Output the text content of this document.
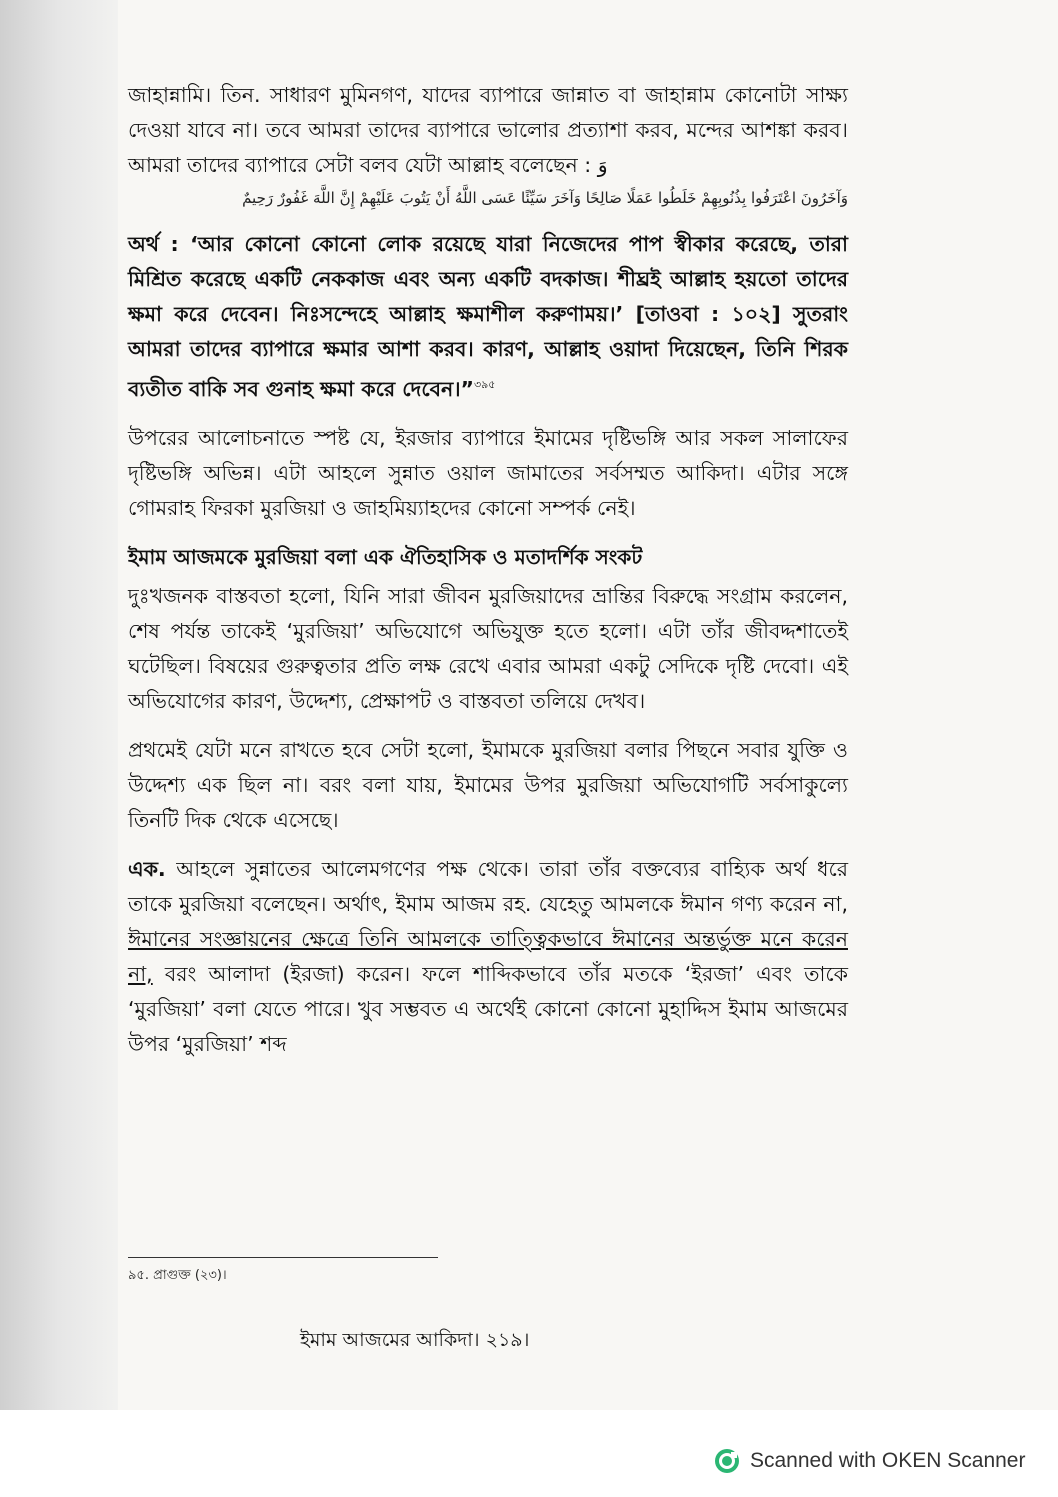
জাহান্নামি। তিন. সাধারণ মুমিনগণ, যাদের ব্যাপারে জান্নাত বা জাহান্নাম কোনোটা সাক্ষ্য দেওয়া যাবে না। তবে আমরা তাদের ব্যাপারে ভালোর প্রত্যাশা করব, মন্দের আশঙ্কা করব। আমরা তাদের ব্যাপারে সেটা বলব যেটা আল্লাহ বলেছেন : وَ
وَآخَرُونَ اعْتَرَفُوا بِذُنُوبِهِمْ خَلَطُوا عَمَلًا صَالِحًا وَآخَرَ سَيِّئًا عَسَى اللَّهُ أَنْ يَتُوبَ عَلَيْهِمْ إِنَّ اللَّهَ غَفُورٌ رَحِيمٌ

অর্থ : ‘আর কোনো কোনো লোক রয়েছে যারা নিজেদের পাপ স্বীকার করেছে, তারা মিশ্রিত করেছে একটি নেককাজ এবং অন্য একটি বদকাজ। শীঘ্রই আল্লাহ হয়তো তাদের ক্ষমা করে দেবেন। নিঃসন্দেহে আল্লাহ ক্ষমাশীল করুণাময়।’ [তাওবা : ১০২] সুতরাং আমরা তাদের ব্যাপারে ক্ষমার আশা করব। কারণ, আল্লাহ ওয়াদা দিয়েছেন, তিনি শিরক ব্যতীত বাকি সব গুনাহ ক্ষমা করে দেবেন।”$^{৩৯৫}$

উপরের আলোচনাতে স্পষ্ট যে, ইরজার ব্যাপারে ইমামের দৃষ্টিভঙ্গি আর সকল সালাফের দৃষ্টিভঙ্গি অভিন্ন। এটা আহলে সুন্নাত ওয়াল জামাতের সর্বসম্মত আকিদা। এটার সঙ্গে গোমরাহ ফিরকা মুরজিয়া ও জাহমিয়্যাহদের কোনো সম্পর্ক নেই।

ইমাম আজমকে মুরজিয়া বলা এক ঐতিহাসিক ও মতাদর্শিক সংকট

দুঃখজনক বাস্তবতা হলো, যিনি সারা জীবন মুরজিয়াদের ভ্রান্তির বিরুদ্ধে সংগ্রাম করলেন, শেষ পর্যন্ত তাকেই ‘মুরজিয়া’ অভিযোগে অভিযুক্ত হতে হলো। এটা তাঁর জীবদ্দশাতেই ঘটেছিল। বিষয়ের গুরুত্বতার প্রতি লক্ষ রেখে এবার আমরা একটু সেদিকে দৃষ্টি দেবো। এই অভিযোগের কারণ, উদ্দেশ্য, প্রেক্ষাপট ও বাস্তবতা তলিয়ে দেখব।

প্রথমেই যেটা মনে রাখতে হবে সেটা হলো, ইমামকে মুরজিয়া বলার পিছনে সবার যুক্তি ও উদ্দেশ্য এক ছিল না। বরং বলা যায়, ইমামের উপর মুরজিয়া অভিযোগটি সর্বসাকুল্যে তিনটি দিক থেকে এসেছে।

এক. আহলে সুন্নাতের আলেমগণের পক্ষ থেকে। তারা তাঁর বক্তব্যের বাহ্যিক অর্থ ধরে তাকে মুরজিয়া বলেছেন। অর্থাৎ, ইমাম আজম রহ. যেহেতু আমলকে ঈমান গণ্য করেন না, ঈমানের সংজ্ঞায়নের ক্ষেত্রে তিনি আমলকে তাত্ত্বিকভাবে ঈমানের অন্তর্ভুক্ত মনে করেন না, বরং আলাদা (ইরজা) করেন। ফলে শাব্দিকভাবে তাঁর মতকে ‘ইরজা’ এবং তাকে ‘মুরজিয়া’ বলা যেতে পারে। খুব সম্ভবত এ অর্থেই কোনো কোনো মুহাদ্দিস ইমাম আজমের উপর ‘মুরজিয়া’ শব্দ

৯৫. প্রাগুক্ত (২৩)।
ইমাম আজমের আকিদা। ২১৯।
Scanned with OKEN Scanner
